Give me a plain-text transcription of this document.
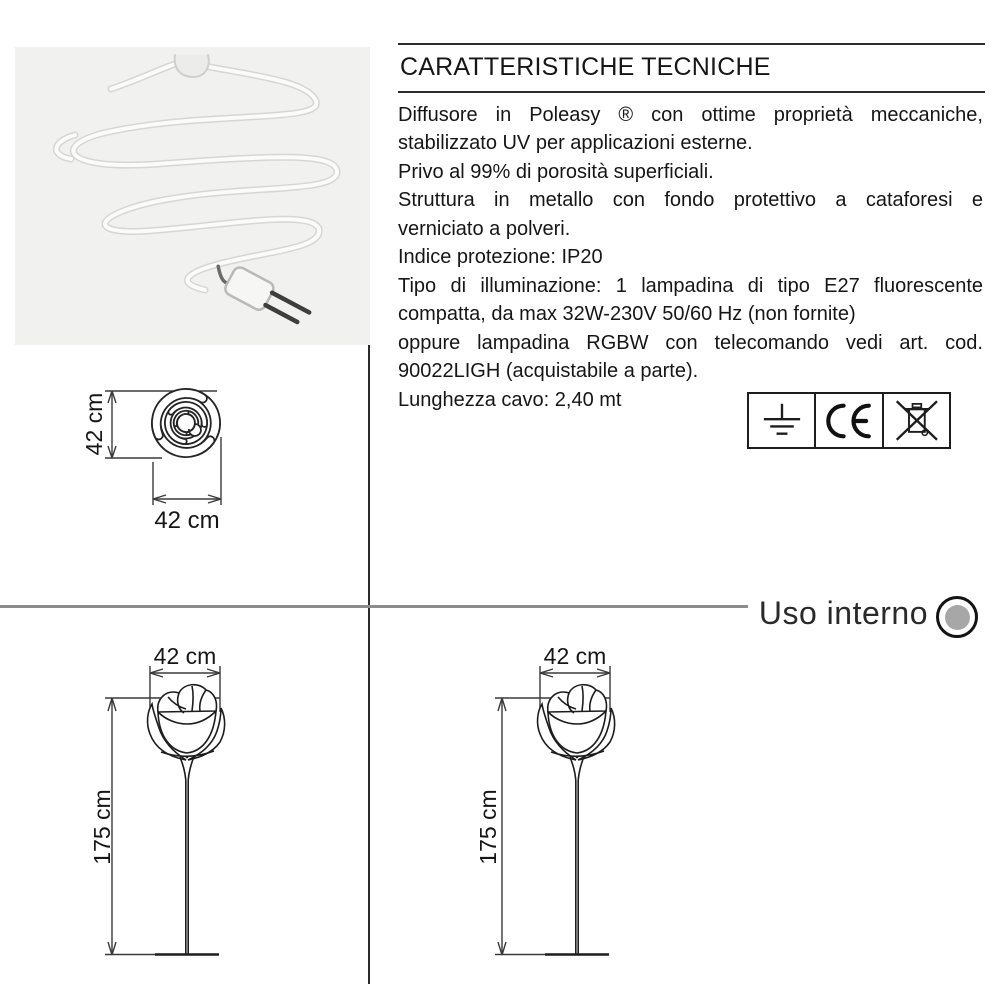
CARATTERISTICHE TECNICHE
Diffusore in Poleasy ® con ottime proprietà meccaniche,
stabilizzato UV per applicazioni esterne.
Privo al 99% di porosità superficiali.
Struttura in metallo con fondo protettivo a cataforesi e
verniciato a polveri.
Indice protezione: IP20
Tipo di illuminazione: 1 lampadina di tipo E27 fluorescente
compatta, da max 32W-230V 50/60 Hz (non fornite)
oppure lampadina RGBW con telecomando vedi art. cod.
90022LIGH (acquistabile a parte).
Lunghezza cavo: 2,40 mt
42 cm
42 cm
42 cm
175 cm
42 cm
175 cm
Uso interno
